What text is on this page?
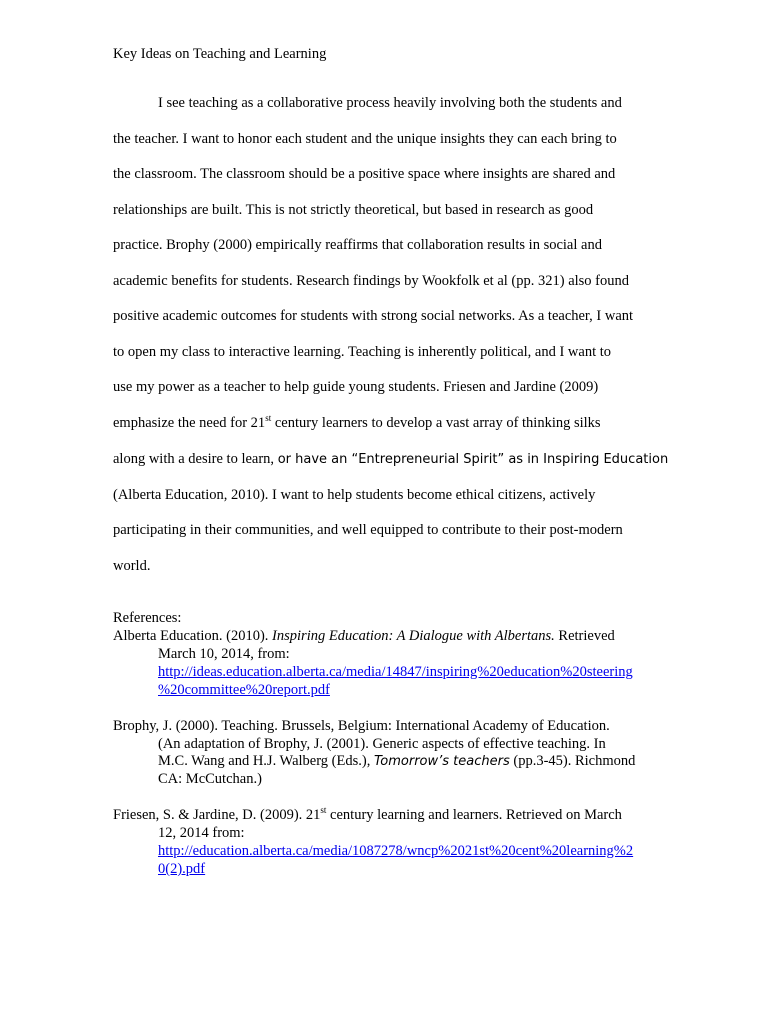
Key Ideas on Teaching and Learning
I see teaching as a collaborative process heavily involving both the students and
the teacher. I want to honor each student and the unique insights they can each bring to
the classroom. The classroom should be a positive space where insights are shared and
relationships are built. This is not strictly theoretical, but based in research as good
practice. Brophy (2000) empirically reaffirms that collaboration results in social and
academic benefits for students. Research findings by Wookfolk et al (pp. 321) also found
positive academic outcomes for students with strong social networks. As a teacher, I want
to open my class to interactive learning. Teaching is inherently political, and I want to
use my power as a teacher to help guide young students. Friesen and Jardine (2009)
emphasize the need for 21st century learners to develop a vast array of thinking silks
along with a desire to learn, or have an “Entrepreneurial Spirit” as in Inspiring Education
(Alberta Education, 2010). I want to help students become ethical citizens, actively
participating in their communities, and well equipped to contribute to their post-modern
world.
References:
Alberta Education. (2010). Inspiring Education: A Dialogue with Albertans. Retrieved
March 10, 2014, from:
http://ideas.education.alberta.ca/media/14847/inspiring%20education%20steering
%20committee%20report.pdf
Brophy, J. (2000). Teaching. Brussels, Belgium: International Academy of Education.
(An adaptation of Brophy, J. (2001). Generic aspects of effective teaching. In
M.C. Wang and H.J. Walberg (Eds.), Tomorrow’s teachers (pp.3-45). Richmond
CA: McCutchan.)
Friesen, S. & Jardine, D. (2009). 21st century learning and learners. Retrieved on March
12, 2014 from:
http://education.alberta.ca/media/1087278/wncp%2021st%20cent%20learning%2
0(2).pdf
